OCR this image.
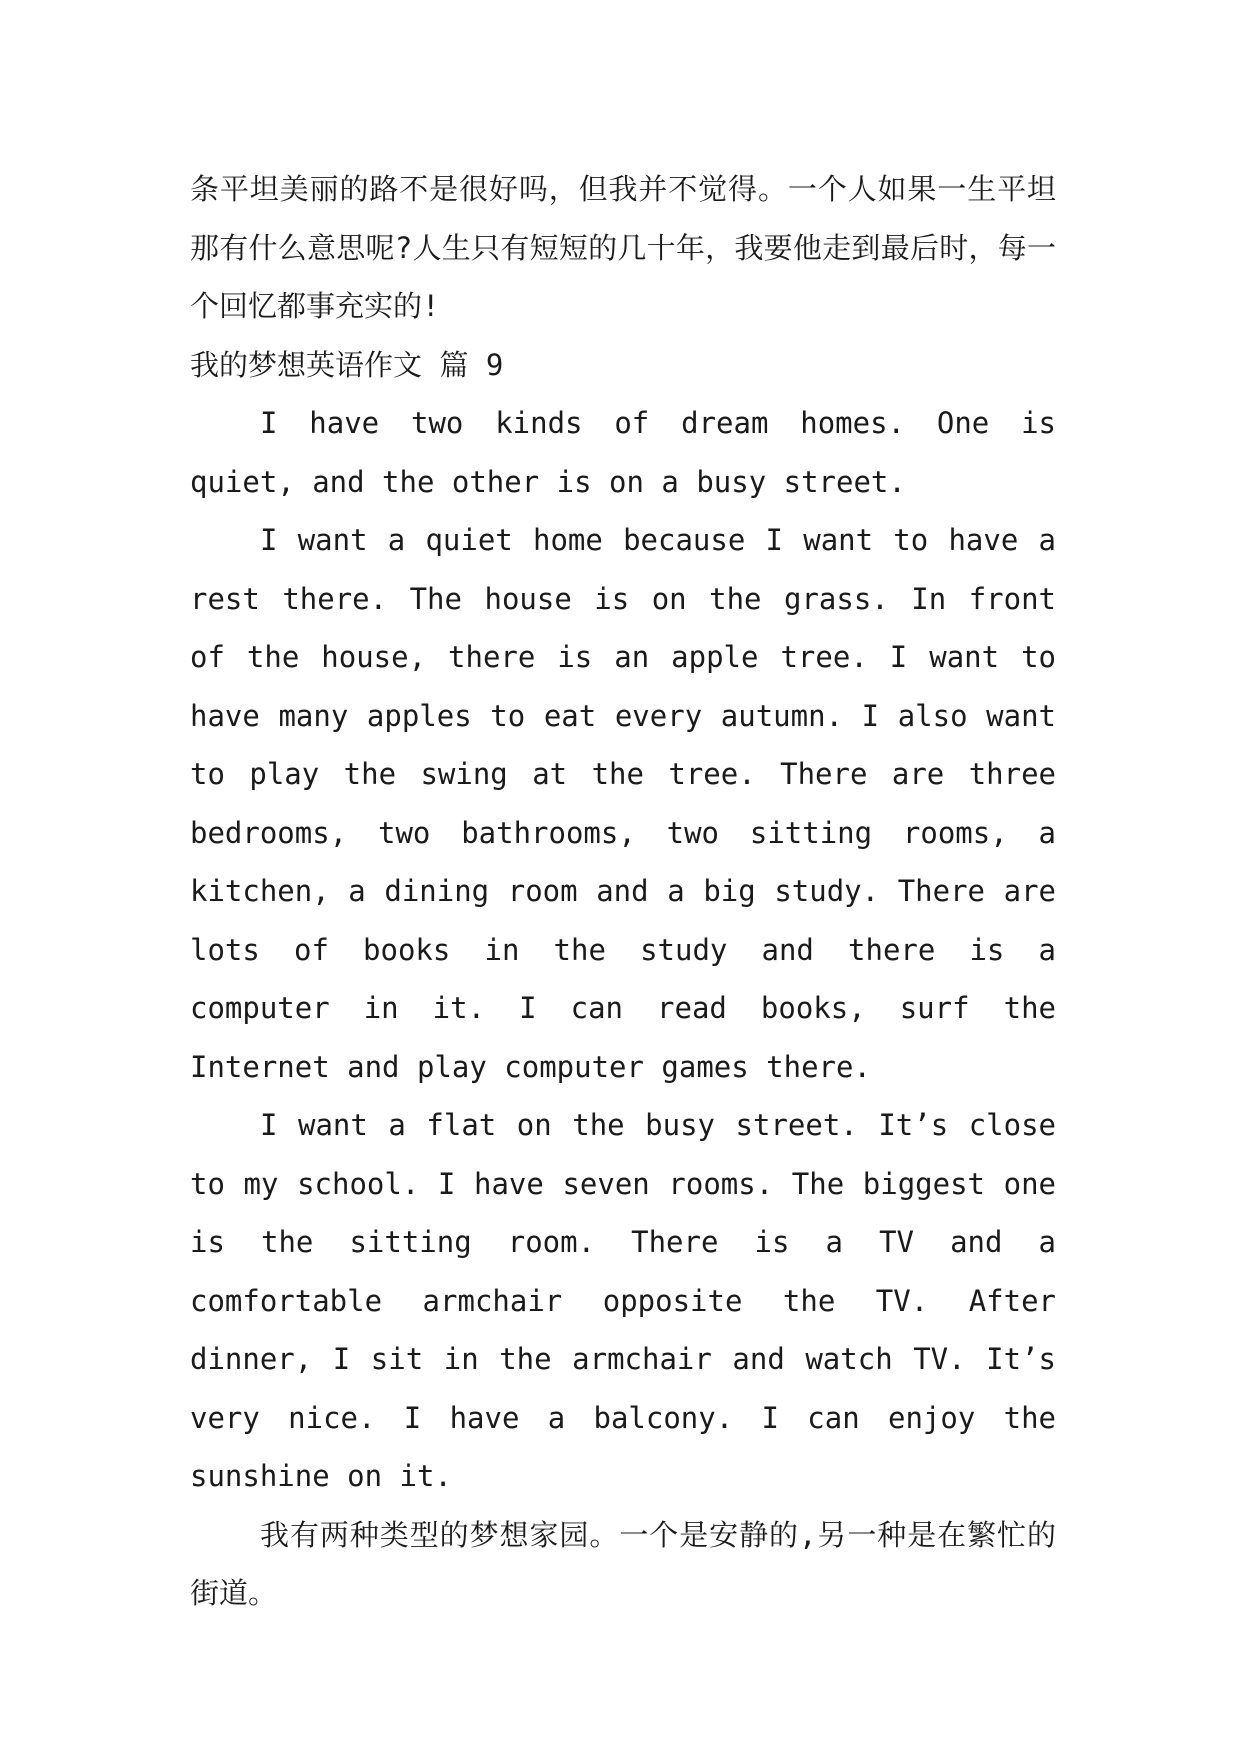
条平坦美丽的路不是很好吗，但我并不觉得。一个人如果一生平坦那有什么意思呢?人生只有短短的几十年，我要他走到最后时，每一个回忆都事充实的!

我的梦想英语作文 篇 9

I have two kinds of dream homes. One is quiet, and the other is on a busy street.

I want a quiet home because I want to have a rest there. The house is on the grass. In front of the house, there is an apple tree. I want to have many apples to eat every autumn. I also want to play the swing at the tree. There are three bedrooms, two bathrooms, two sitting rooms, a kitchen, a dining room and a big study. There are lots of books in the study and there is a computer in it. I can read books, surf the Internet and play computer games there.

I want a flat on the busy street. It’s close to my school. I have seven rooms. The biggest one is the sitting room. There is a TV and a comfortable armchair opposite the TV. After dinner, I sit in the armchair and watch TV. It’s very nice. I have a balcony. I can enjoy the sunshine on it.

我有两种类型的梦想家园。一个是安静的,另一种是在繁忙的街道。
